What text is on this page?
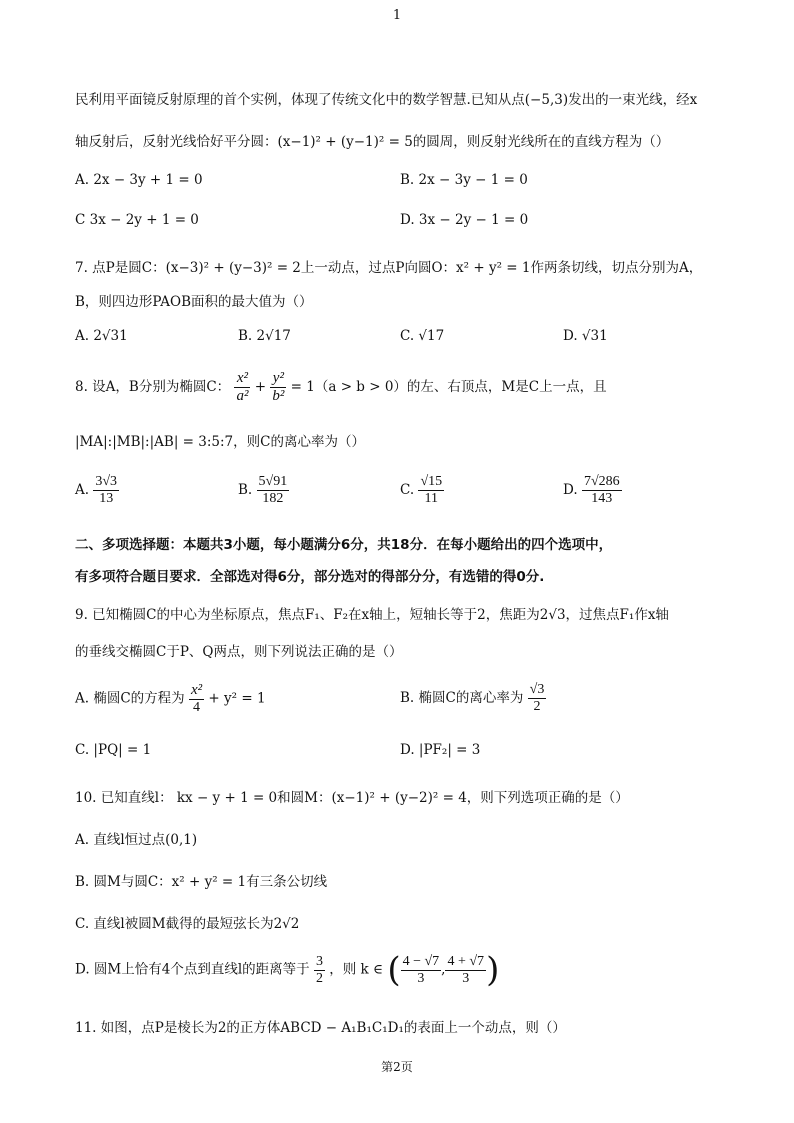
1
民利用平面镜反射原理的首个实例，体现了传统文化中的数学智慧.已知从点(−5,3)发出的一束光线，经x
轴反射后，反射光线恰好平分圆：(x−1)² + (y−1)² = 5的圆周，则反射光线所在的直线方程为（）
A. 2x − 3y + 1 = 0	B. 2x − 3y − 1 = 0
C 3x − 2y + 1 = 0	D. 3x − 2y − 1 = 0
7. 点P是圆C：(x−3)² + (y−3)² = 2上一动点，过点P向圆O：x² + y² = 1作两条切线，切点分别为A，
B，则四边形PAOB面积的最大值为（）
A. 2√31	B. 2√17	C. √17	D. √31
8. 设A，B分别为椭圆C： $\frac{\text{x²}}{\text{a²}} + \frac{\text{y²}}{\text{b²}} = 1(a > b > 0)$的左、右顶点，M是C上一点，且
|MA|:|MB|:|AB| = 3:5:7，则C的离心率为（）
A. $\frac{3√3}{13}$	B. $\frac{5√91}{182}$	C. $\frac{√15}{11}$	D. $\frac{7√286}{143}$
二、多项选择题：本题共3小题，每小题满分6分，共18分．在每小题给出的四个选项中，
有多项符合题目要求．全部选对得6分，部分选对的得部分分，有选错的得0分.
9. 已知椭圆C的中心为坐标原点，焦点F₁、F₂在x轴上，短轴长等于2，焦距为2√3，过焦点F₁作x轴
的垂线交椭圆C于P、Q两点，则下列说法正确的是（）
A. 椭圆C的方程为 $\frac{\text{x²}}{4} + y^2 = 1$	B. 椭圆C的离心率为 $\frac{√3}{2}$
C. |PQ| = 1	D. |PF₂| = 3
10. 已知直线l： kx − y + 1 = 0和圆M：(x−1)² + (y−2)² = 4，则下列选项正确的是（）
A. 直线l恒过点(0,1)
B. 圆M与圆C：x² + y² = 1有三条公切线
C. 直线l被圆M截得的最短弦长为2√2
D. 圆M上恰有4个点到直线l的距离等于 $\frac{3}{2}$ ，则 k ∈ ( $\frac{4 - √7}{3}$ , $\frac{4 + √7}{3}$ )
11. 如图，点P是棱长为2的正方体ABCD − A₁B₁C₁D₁的表面上一个动点，则（）
第2页
